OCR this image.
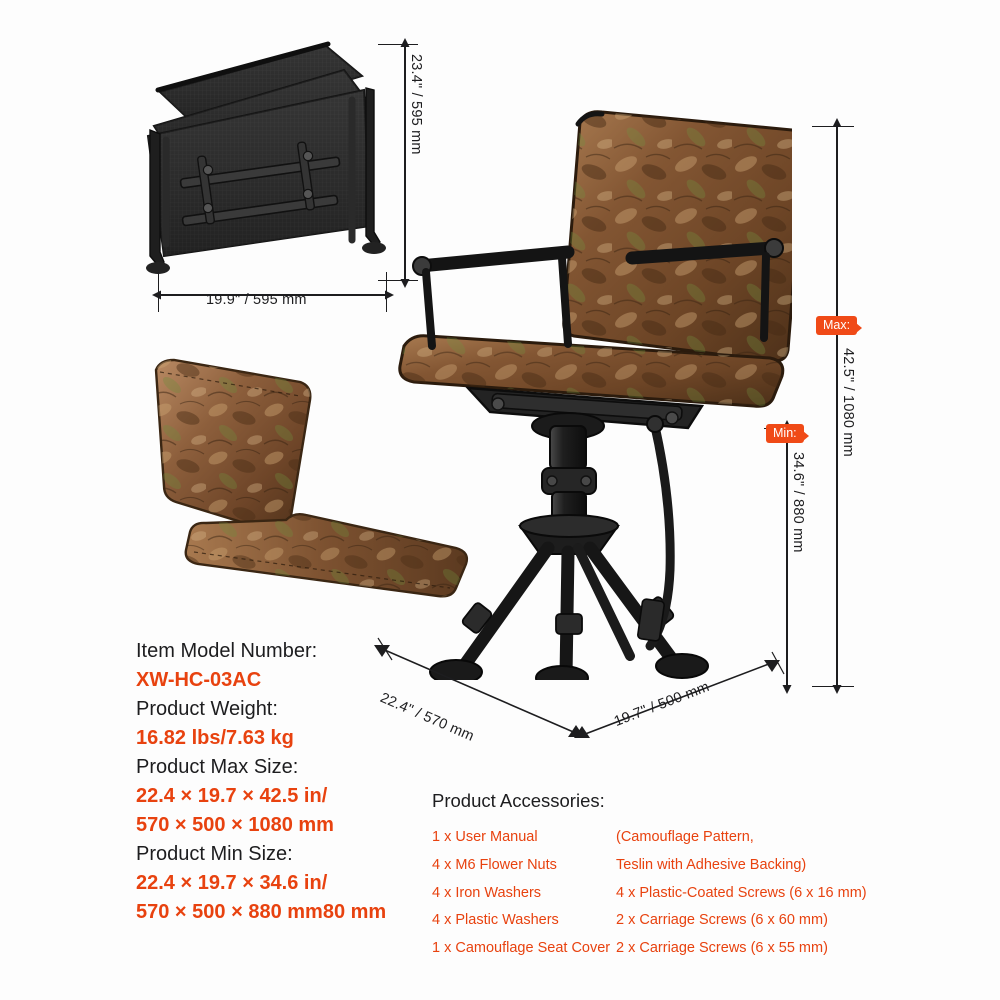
23.4" / 595 mm
19.9" / 595 mm
Max:
42.5" / 1080 mm
Min:
34.6" / 880 mm
22.4" / 570 mm	19.7" / 500 mm
Item Model Number:
XW-HC-03AC
Product Weight:
16.82 lbs/7.63 kg
Product Max Size:
22.4 × 19.7 × 42.5 in/
570 × 500 × 1080 mm
Product Min Size:
22.4 × 19.7 × 34.6 in/
570 × 500 × 880 mm80 mm
Product Accessories:
1 x User Manual
4 x M6 Flower Nuts
4 x Iron Washers
4 x Plastic Washers
1 x Camouflage Seat Cover
(Camouflage Pattern,
Teslin with Adhesive Backing)
4 x Plastic-Coated Screws (6 x 16 mm)
2 x Carriage Screws (6 x 60 mm)
2 x Carriage Screws (6 x 55 mm)
